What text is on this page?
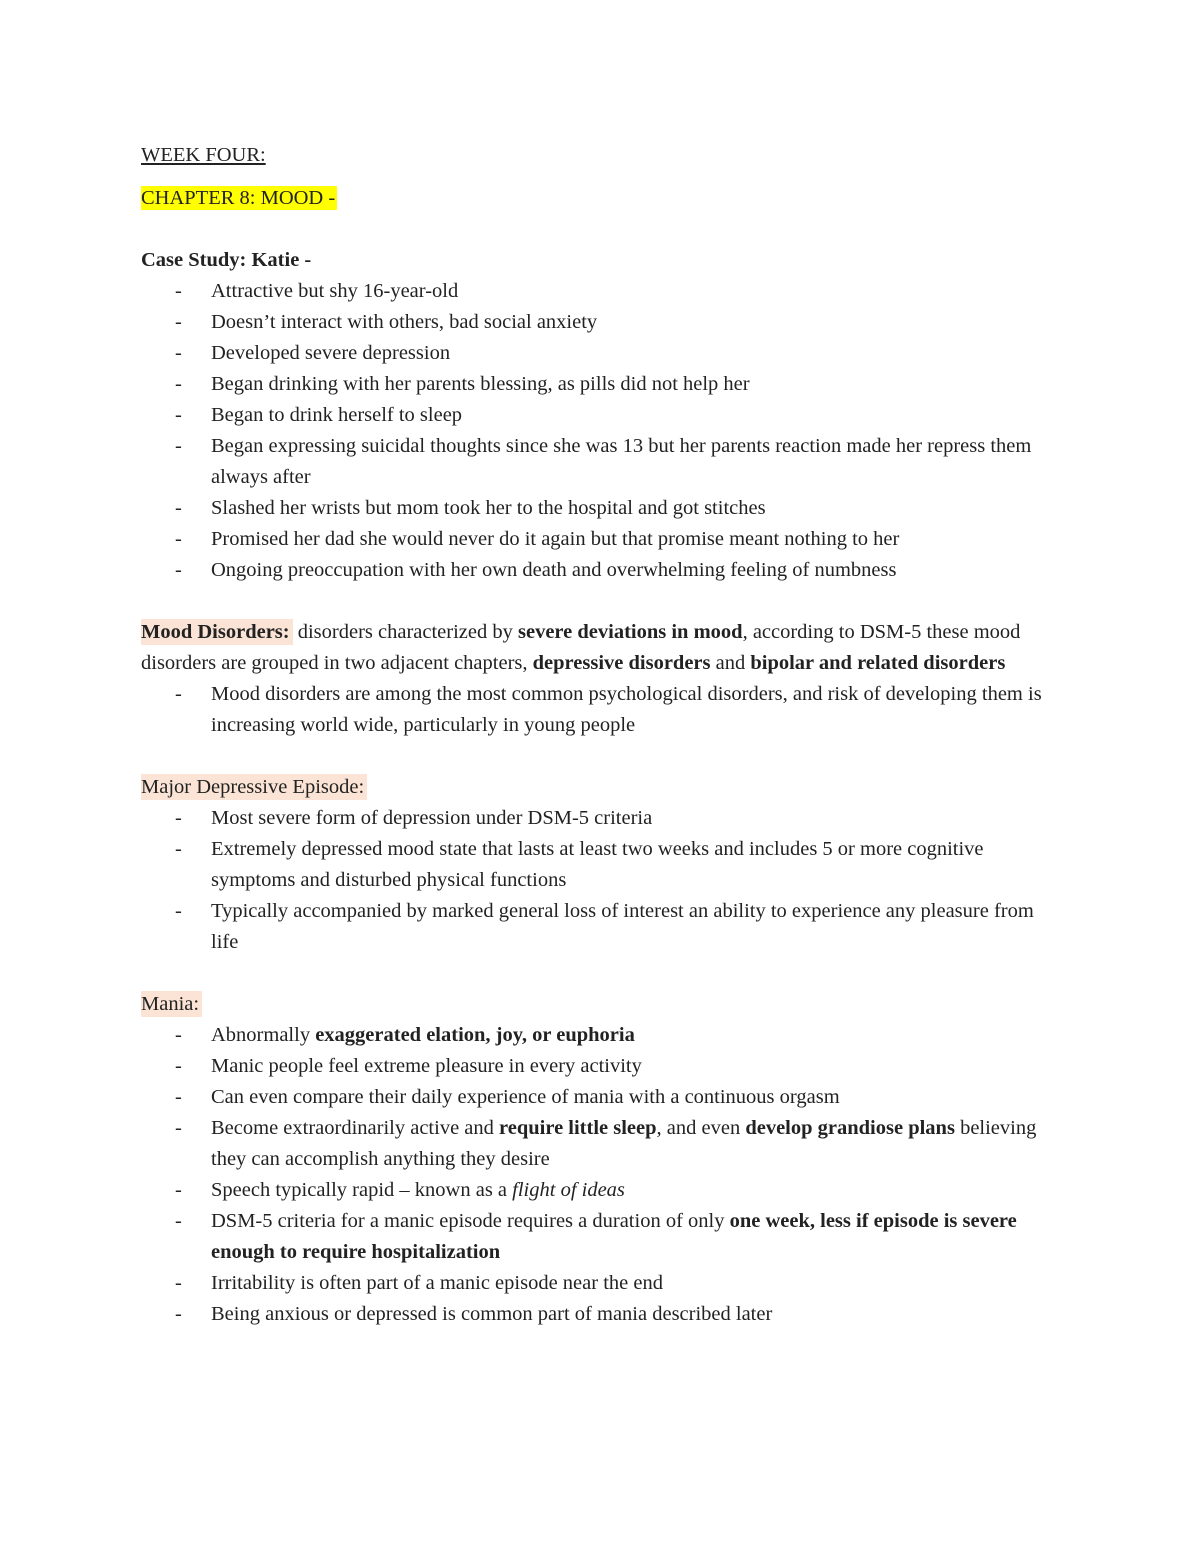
WEEK FOUR:
CHAPTER 8: MOOD -
Case Study: Katie -
- Attractive but shy 16-year-old
- Doesn’t interact with others, bad social anxiety
- Developed severe depression
- Began drinking with her parents blessing, as pills did not help her
- Began to drink herself to sleep
- Began expressing suicidal thoughts since she was 13 but her parents reaction made her repress them always after
- Slashed her wrists but mom took her to the hospital and got stitches
- Promised her dad she would never do it again but that promise meant nothing to her
- Ongoing preoccupation with her own death and overwhelming feeling of numbness
Mood Disorders: disorders characterized by severe deviations in mood, according to DSM-5 these mood disorders are grouped in two adjacent chapters, depressive disorders and bipolar and related disorders
- Mood disorders are among the most common psychological disorders, and risk of developing them is increasing world wide, particularly in young people
Major Depressive Episode:
- Most severe form of depression under DSM-5 criteria
- Extremely depressed mood state that lasts at least two weeks and includes 5 or more cognitive symptoms and disturbed physical functions
- Typically accompanied by marked general loss of interest an ability to experience any pleasure from life
Mania:
- Abnormally exaggerated elation, joy, or euphoria
- Manic people feel extreme pleasure in every activity
- Can even compare their daily experience of mania with a continuous orgasm
- Become extraordinarily active and require little sleep, and even develop grandiose plans believing they can accomplish anything they desire
- Speech typically rapid – known as a flight of ideas
- DSM-5 criteria for a manic episode requires a duration of only one week, less if episode is severe enough to require hospitalization
- Irritability is often part of a manic episode near the end
- Being anxious or depressed is common part of mania described later
